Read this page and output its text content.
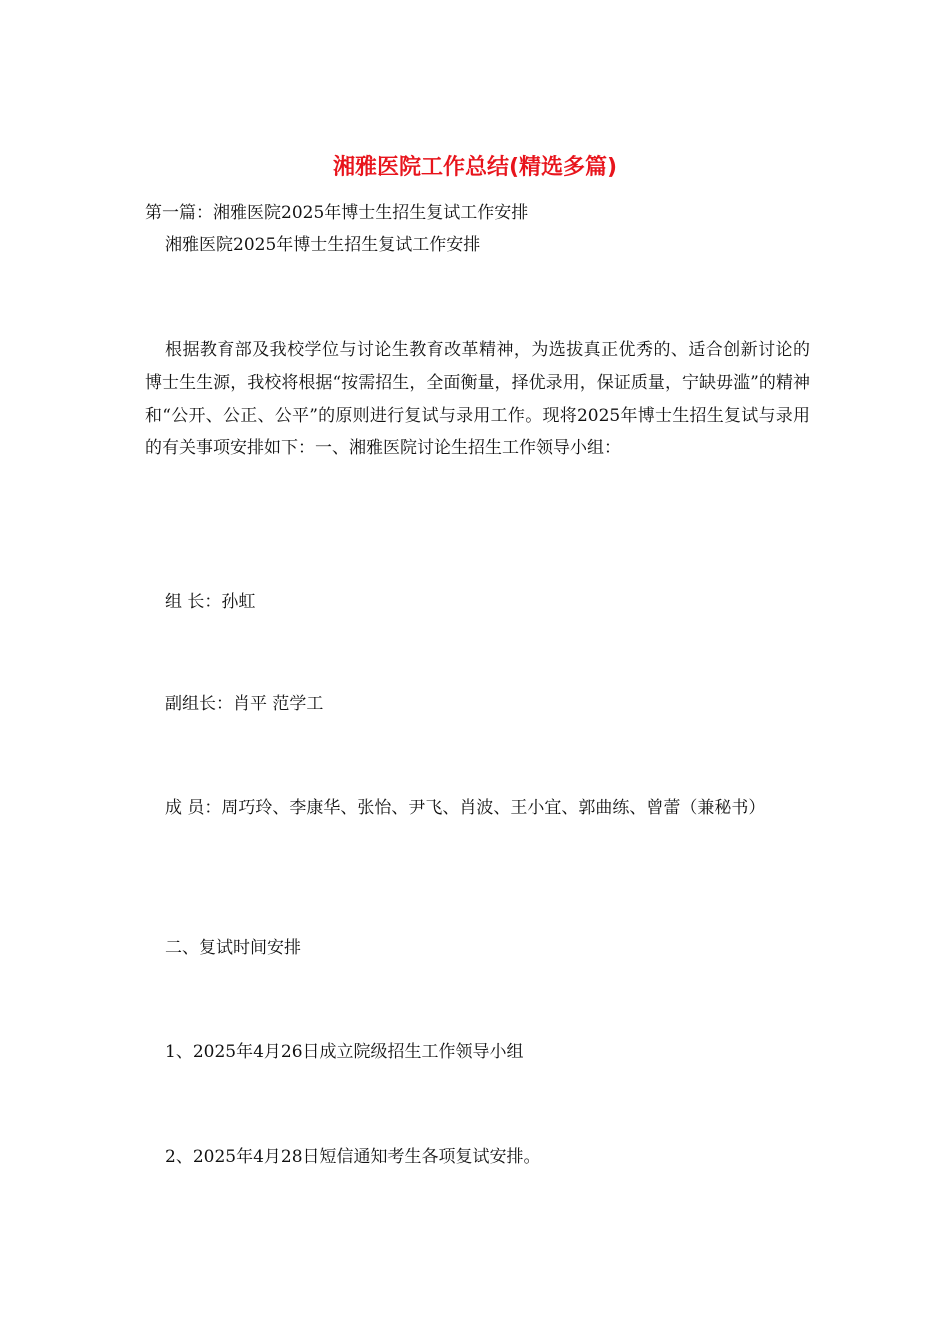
湘雅医院工作总结(精选多篇)

第一篇：湘雅医院2025年博士生招生复试工作安排

湘雅医院2025年博士生招生复试工作安排

根据教育部及我校学位与讨论生教育改革精神，为选拔真正优秀的、适合创新讨论的博士生生源，我校将根据“按需招生，全面衡量，择优录用，保证质量，宁缺毋滥”的精神和“公开、公正、公平”的原则进行复试与录用工作。现将2025年博士生招生复试与录用的有关事项安排如下：一、湘雅医院讨论生招生工作领导小组：

组 长：孙虹

副组长：肖平 范学工

成 员：周巧玲、李康华、张怡、尹飞、肖波、王小宜、郭曲练、曾蕾（兼秘书）

二、复试时间安排

1、2025年4月26日成立院级招生工作领导小组

2、2025年4月28日短信通知考生各项复试安排。
